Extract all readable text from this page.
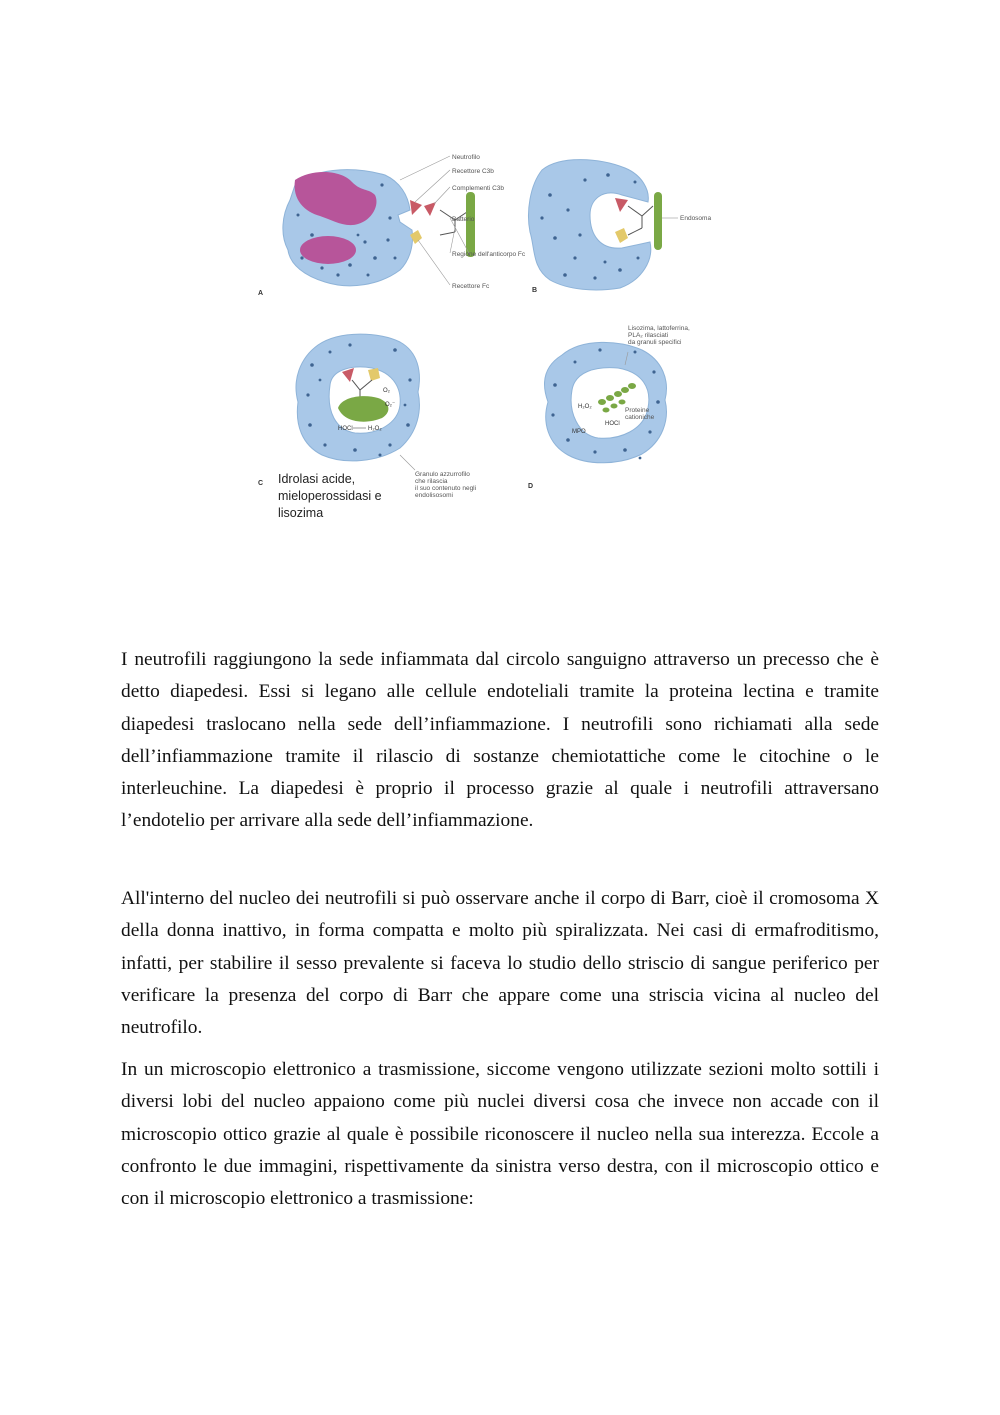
Neutrofilo
Recettore C3b
Complementi C3b
Batterio
Regione dell'anticorpo Fc
Recettore Fc
A
Endosoma
B
O₂
O₂⁻
HOCl	H₂O₂
Granulo azzurrofilo che rilascia il suo contenuto negli endolisosomi
C Idrolasi acide,
mieloperossidasi e
lisozima
H₂O₂
HOCl
MPO
Proteine cationiche
Lisozima, lattoferrina, PLA₂ rilasciati da granuli specifici
D

I neutrofili raggiungono la sede infiammata dal circolo sanguigno attraverso un precesso che è detto diapedesi. Essi si legano alle cellule endoteliali tramite la proteina lectina e tramite diapedesi traslocano nella sede dell’infiammazione. I neutrofili sono richiamati alla sede dell’infiammazione tramite il rilascio di sostanze chemiotattiche come le citochine o le interleuchine. La diapedesi è proprio il processo grazie al quale i neutrofili attraversano l’endotelio per arrivare alla sede dell’infiammazione.

All'interno del nucleo dei neutrofili si può osservare anche il corpo di Barr, cioè il cromosoma X della donna inattivo, in forma compatta e molto più spiralizzata. Nei casi di ermafroditismo, infatti, per stabilire il sesso prevalente si faceva lo studio dello striscio di sangue periferico per verificare la presenza del corpo di Barr che appare come una striscia vicina al nucleo del neutrofilo.

In un microscopio elettronico a trasmissione, siccome vengono utilizzate sezioni molto sottili i diversi lobi del nucleo appaiono come più nuclei diversi cosa che invece non accade con il microscopio ottico grazie al quale è possibile riconoscere il nucleo nella sua interezza. Eccole a confronto le due immagini, rispettivamente da sinistra verso destra, con il microscopio ottico e con il microscopio elettronico a trasmissione:
